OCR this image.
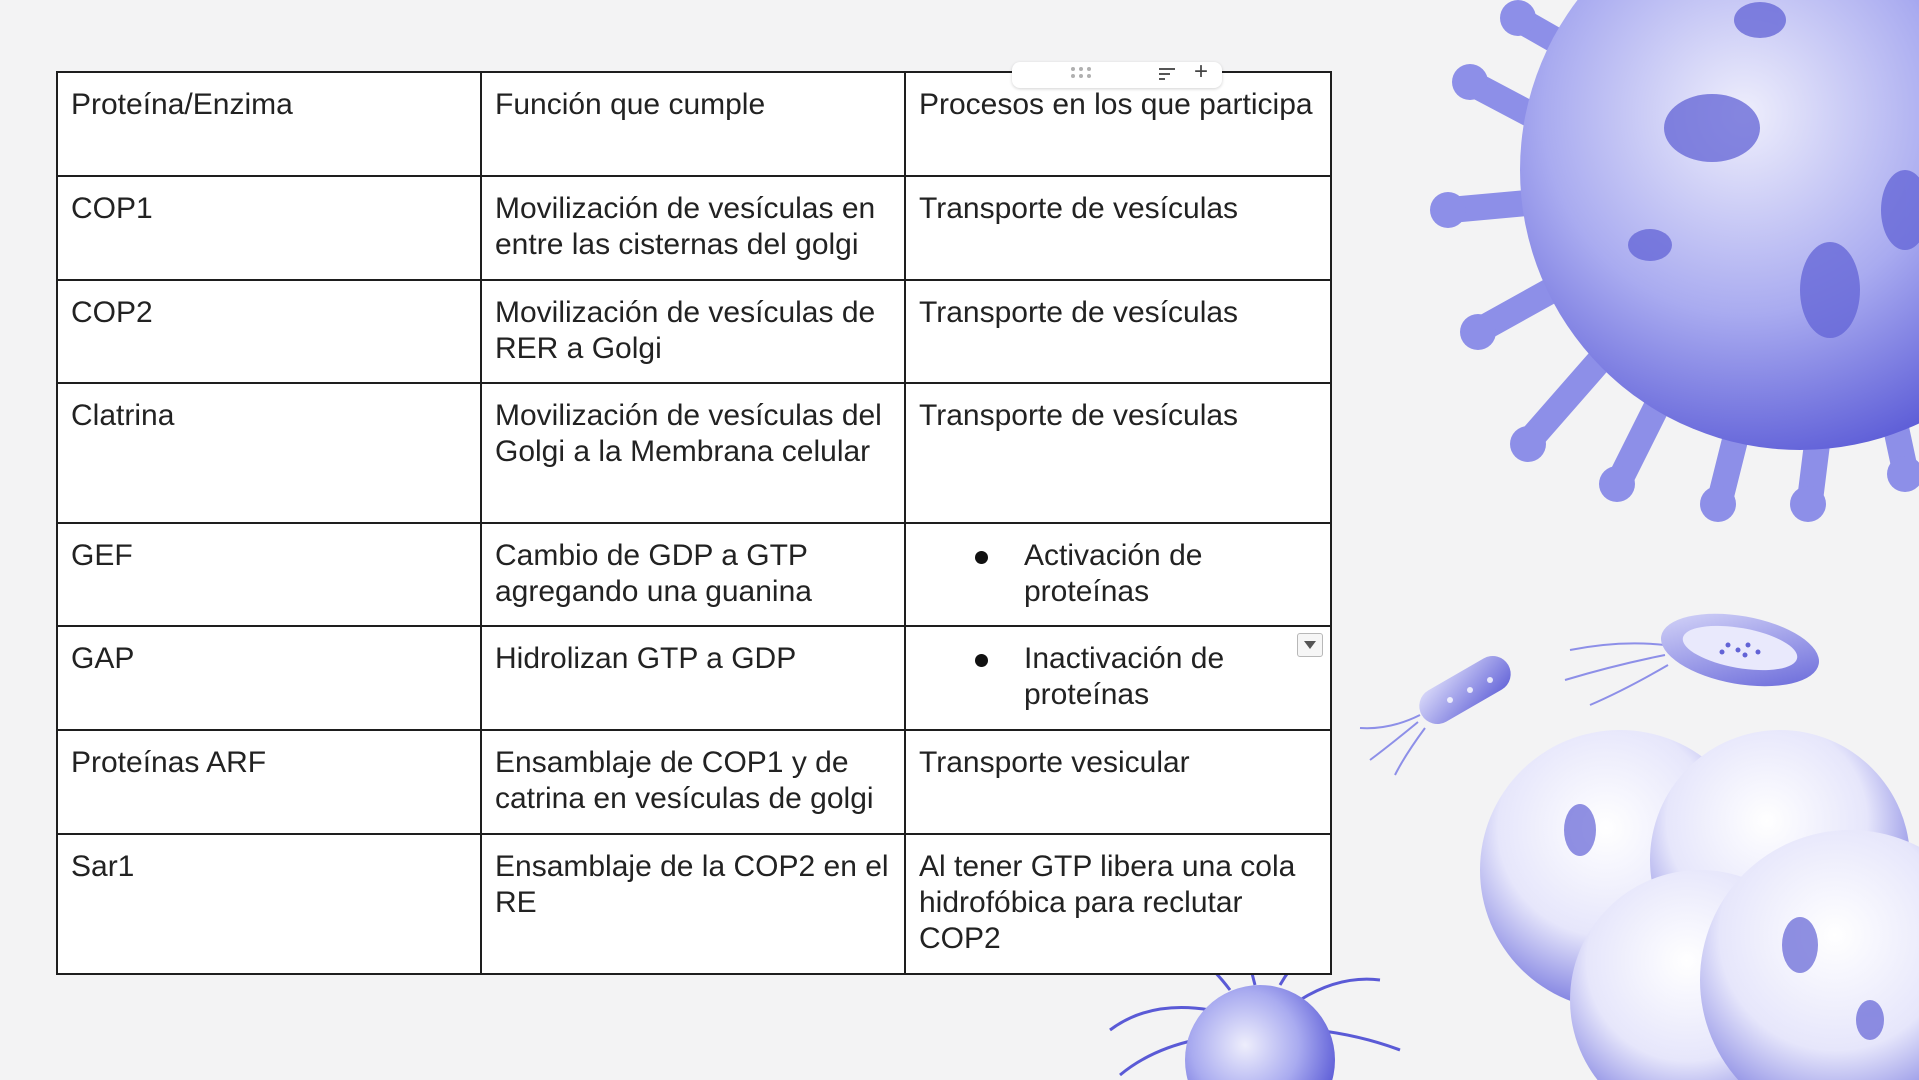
Proteína/Enzima	Función que cumple	Procesos en los que participa
COP1	Movilización de vesículas en entre las cisternas del golgi	Transporte de vesículas
COP2	Movilización de vesículas de RER a Golgi	Transporte de vesículas
Clatrina	Movilización de vesículas del Golgi a la Membrana celular	Transporte de vesículas
GEF	Cambio de GDP a GTP agregando una guanina	Activación de proteínas

GAP	Hidrolizan GTP a GDP	Inactivación de proteínas

Proteínas ARF	Ensamblaje de COP1 y de catrina en vesículas de golgi	Transporte vesicular
Sar1	Ensamblaje de la COP2 en el RE	Al tener GTP libera una cola hidrofóbica para reclutar COP2
+
